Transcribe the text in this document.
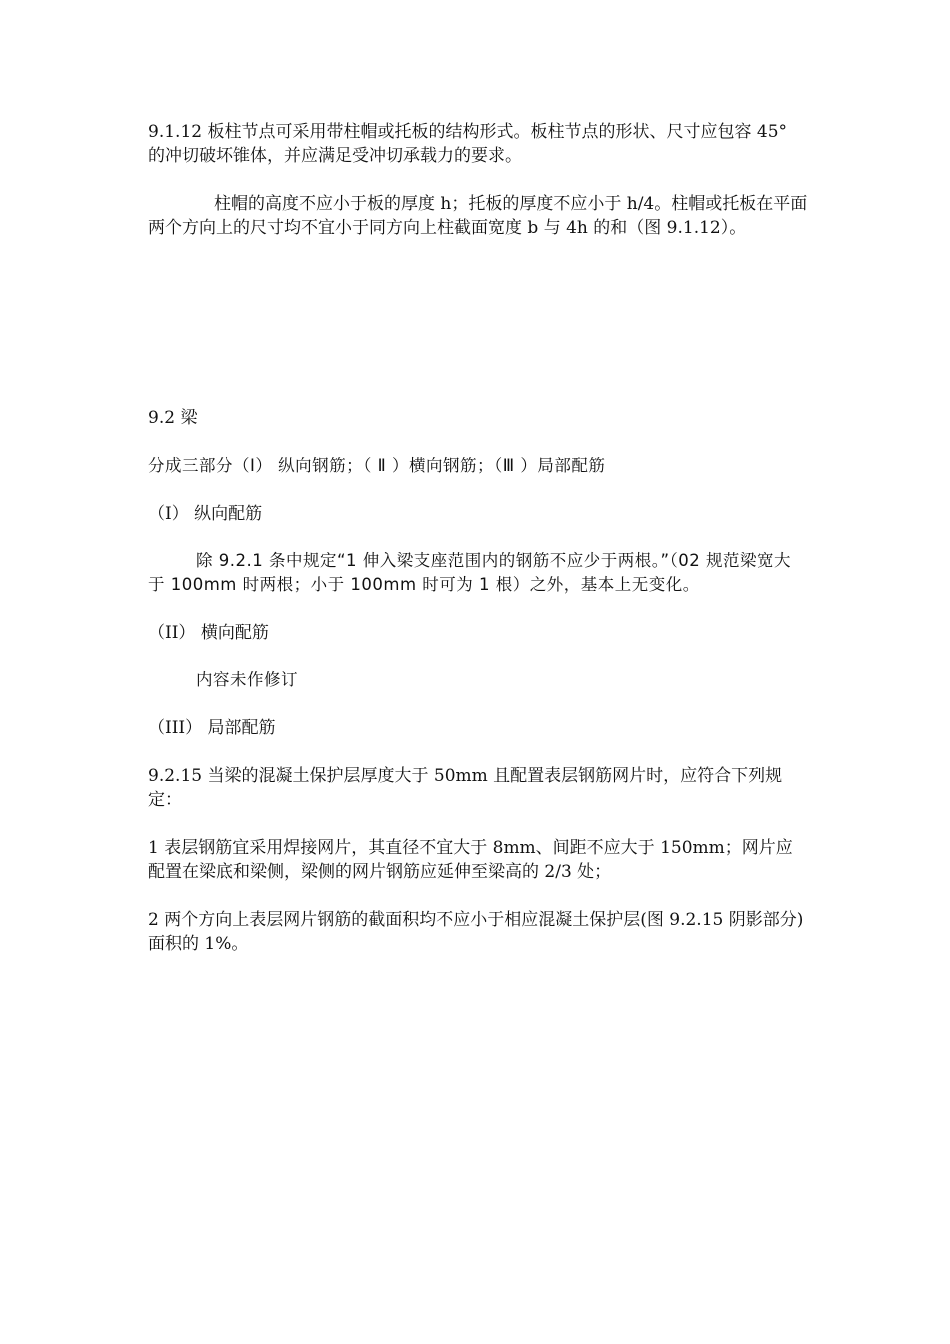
9.1.12 板柱节点可采用带柱帽或托板的结构形式。板柱节点的形状、尺寸应包容 45° 的冲切破坏锥体，并应满足受冲切承载力的要求。
柱帽的高度不应小于板的厚度 h；托板的厚度不应小于 h/4。柱帽或托板在平面两个方向上的尺寸均不宜小于同方向上柱截面宽度 b 与 4h 的和（图 9.1.12）。
9.2 梁
分成三部分（Ⅰ） 纵向钢筋；（ Ⅱ ）横向钢筋；（Ⅲ ）局部配筋
（I） 纵向配筋
除 9.2.1 条中规定“1 伸入梁支座范围内的钢筋不应少于两根。”（02 规范梁宽大于 100mm 时两根；小于 100mm 时可为 1 根）之外，基本上无变化。
（II） 横向配筋
内容未作修订
（III） 局部配筋
9.2.15 当梁的混凝土保护层厚度大于 50mm 且配置表层钢筋网片时，应符合下列规定：
1 表层钢筋宜采用焊接网片，其直径不宜大于 8mm、间距不应大于 150mm；网片应配置在梁底和梁侧，梁侧的网片钢筋应延伸至梁高的 2/3 处；
2 两个方向上表层网片钢筋的截面积均不应小于相应混凝土保护层(图 9.2.15 阴影部分)面积的 1%。
